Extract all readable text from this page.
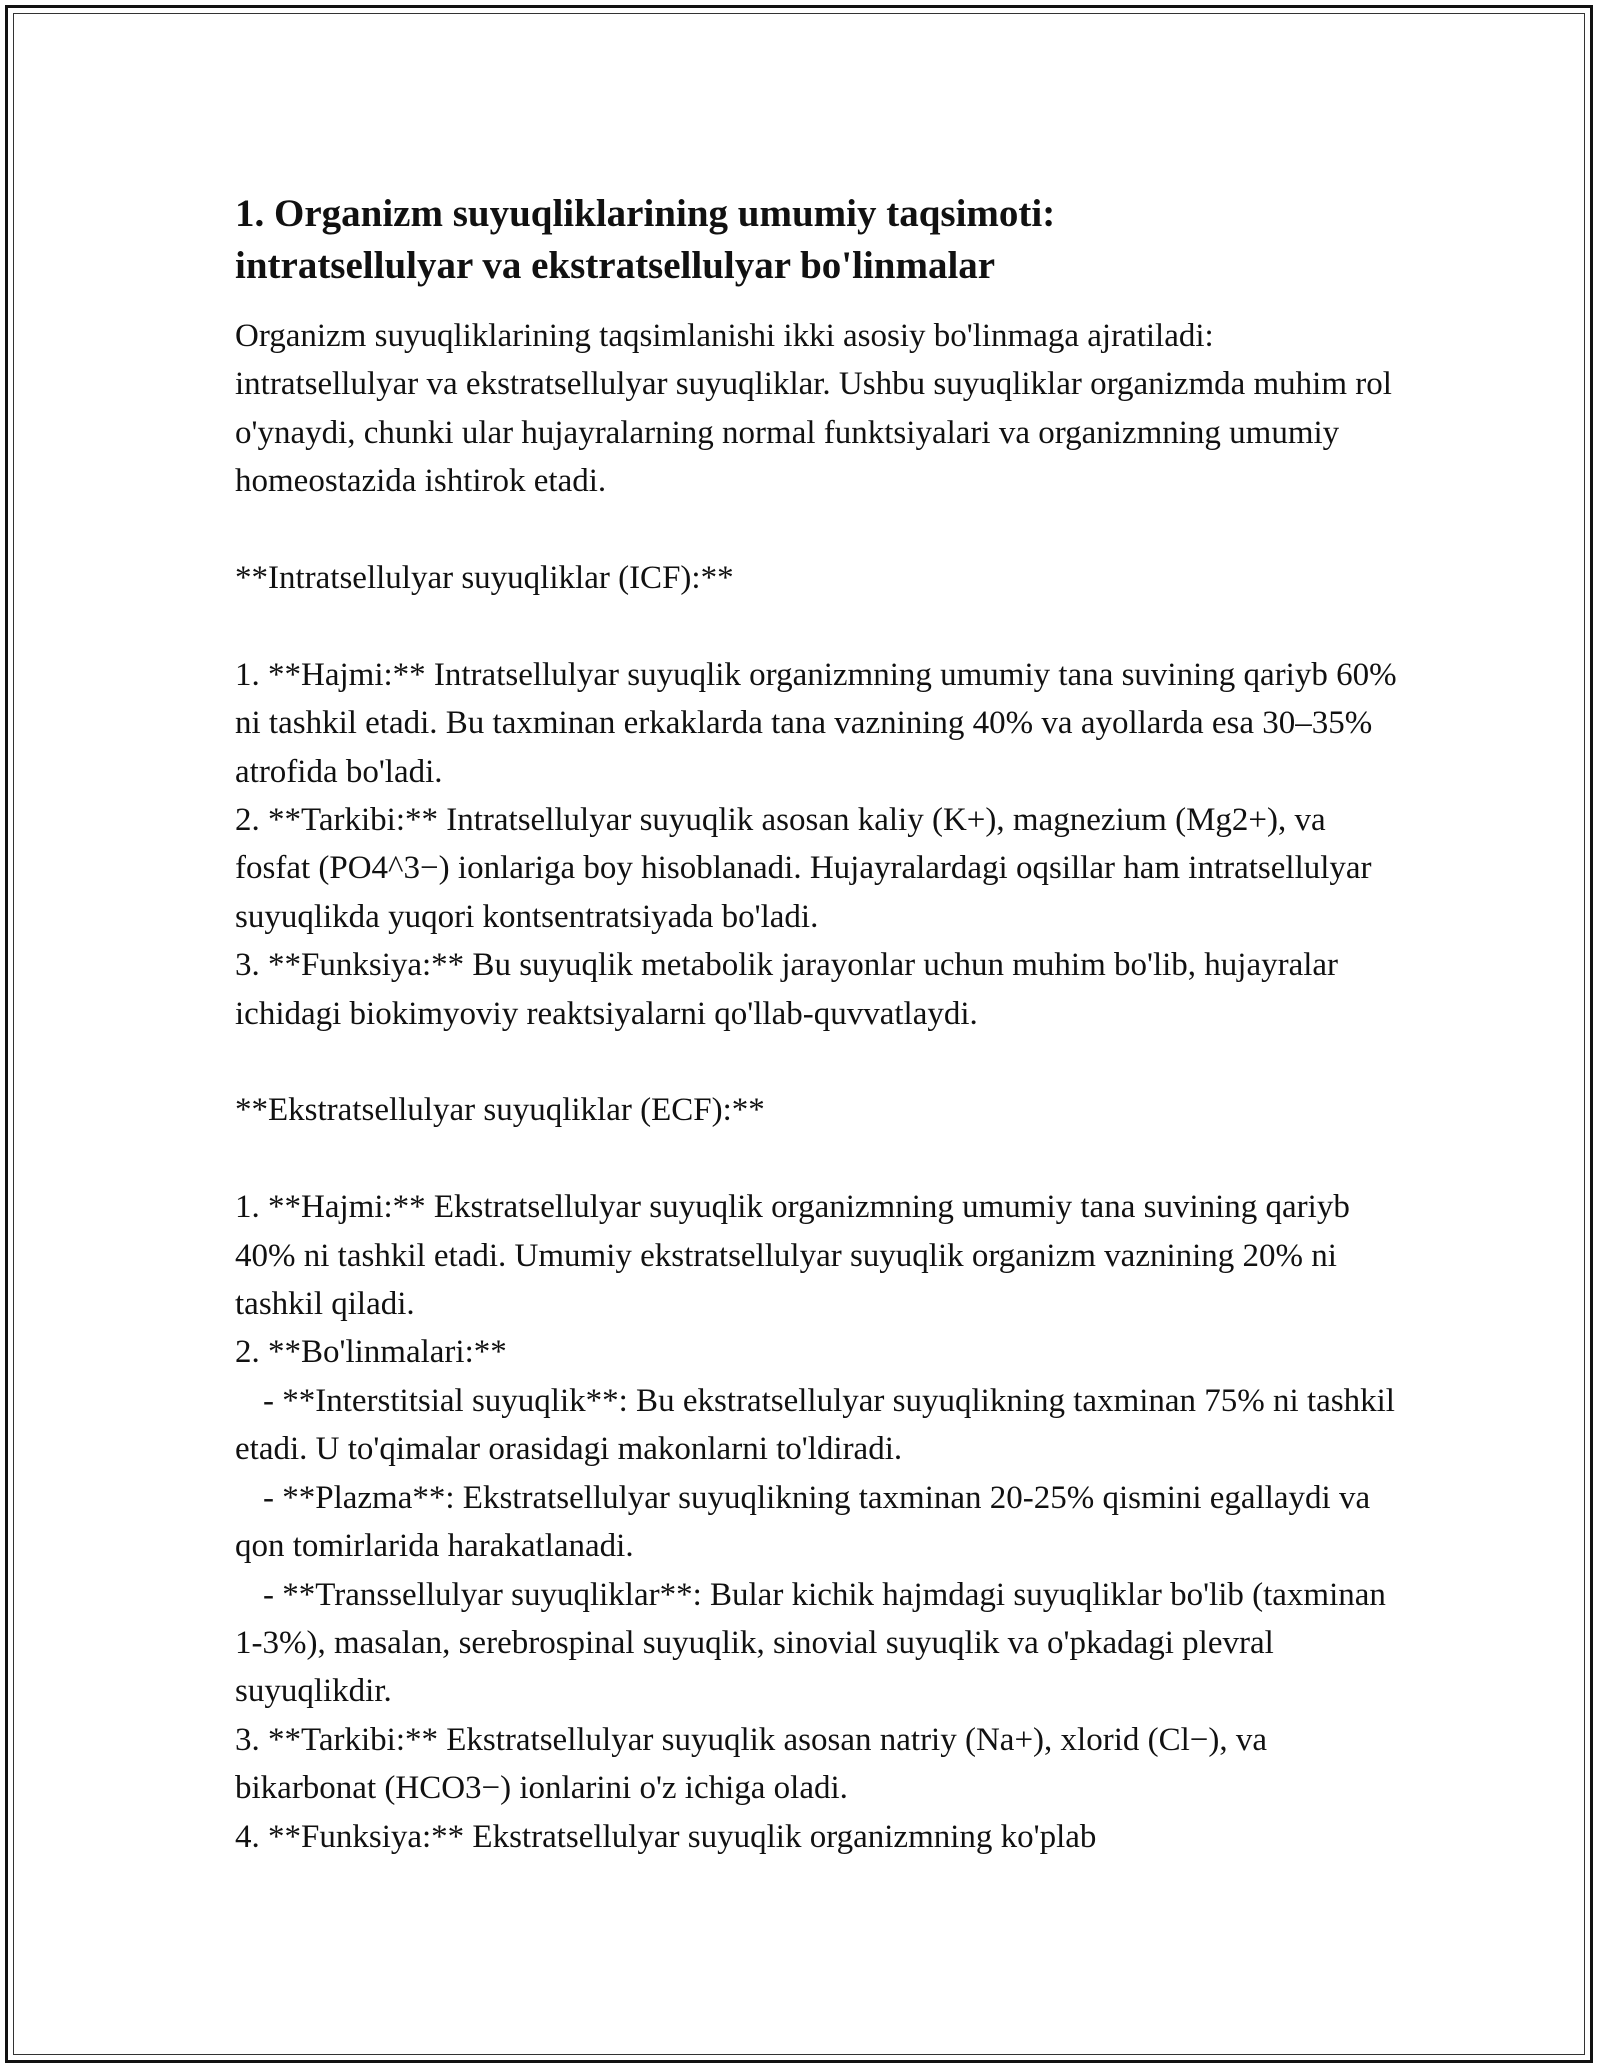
1. Organizm suyuqliklarining umumiy taqsimoti:
intratsellulyar va ekstratsellulyar bo'linmalar

Organizm suyuqliklarining taqsimlanishi ikki asosiy bo'linmaga ajratiladi: intratsellulyar va ekstratsellulyar suyuqliklar. Ushbu suyuqliklar organizmda muhim rol o'ynaydi, chunki ular hujayralarning normal funktsiyalari va organizmning umumiy homeostazida ishtirok etadi.

**Intratsellulyar suyuqliklar (ICF):**

1. **Hajmi:** Intratsellulyar suyuqlik organizmning umumiy tana suvining qariyb 60% ni tashkil etadi. Bu taxminan erkaklarda tana vaznining 40% va ayollarda esa 30–35% atrofida bo'ladi.

2. **Tarkibi:** Intratsellulyar suyuqlik asosan kaliy (K+), magnezium (Mg2+), va fosfat (PO4^3−) ionlariga boy hisoblanadi. Hujayralardagi oqsillar ham intratsellulyar suyuqlikda yuqori kontsentratsiyada bo'ladi.

3. **Funksiya:** Bu suyuqlik metabolik jarayonlar uchun muhim bo'lib, hujayralar ichidagi biokimyoviy reaktsiyalarni qo'llab-quvvatlaydi.

**Ekstratsellulyar suyuqliklar (ECF):**

1. **Hajmi:** Ekstratsellulyar suyuqlik organizmning umumiy tana suvining qariyb 40% ni tashkil etadi. Umumiy ekstratsellulyar suyuqlik organizm vaznining 20% ni tashkil qiladi.

2. **Bo'linmalari:**

- **Interstitsial suyuqlik**: Bu ekstratsellulyar suyuqlikning taxminan 75% ni tashkil etadi. U to'qimalar orasidagi makonlarni to'ldiradi.

- **Plazma**: Ekstratsellulyar suyuqlikning taxminan 20-25% qismini egallaydi va qon tomirlarida harakatlanadi.

- **Transsellulyar suyuqliklar**: Bular kichik hajmdagi suyuqliklar bo'lib (taxminan 1-3%), masalan, serebrospinal suyuqlik, sinovial suyuqlik va o'pkadagi plevral suyuqlikdir.

3. **Tarkibi:** Ekstratsellulyar suyuqlik asosan natriy (Na+), xlorid (Cl−), va bikarbonat (HCO3−) ionlarini o'z ichiga oladi.

4. **Funksiya:** Ekstratsellulyar suyuqlik organizmning ko'plab
